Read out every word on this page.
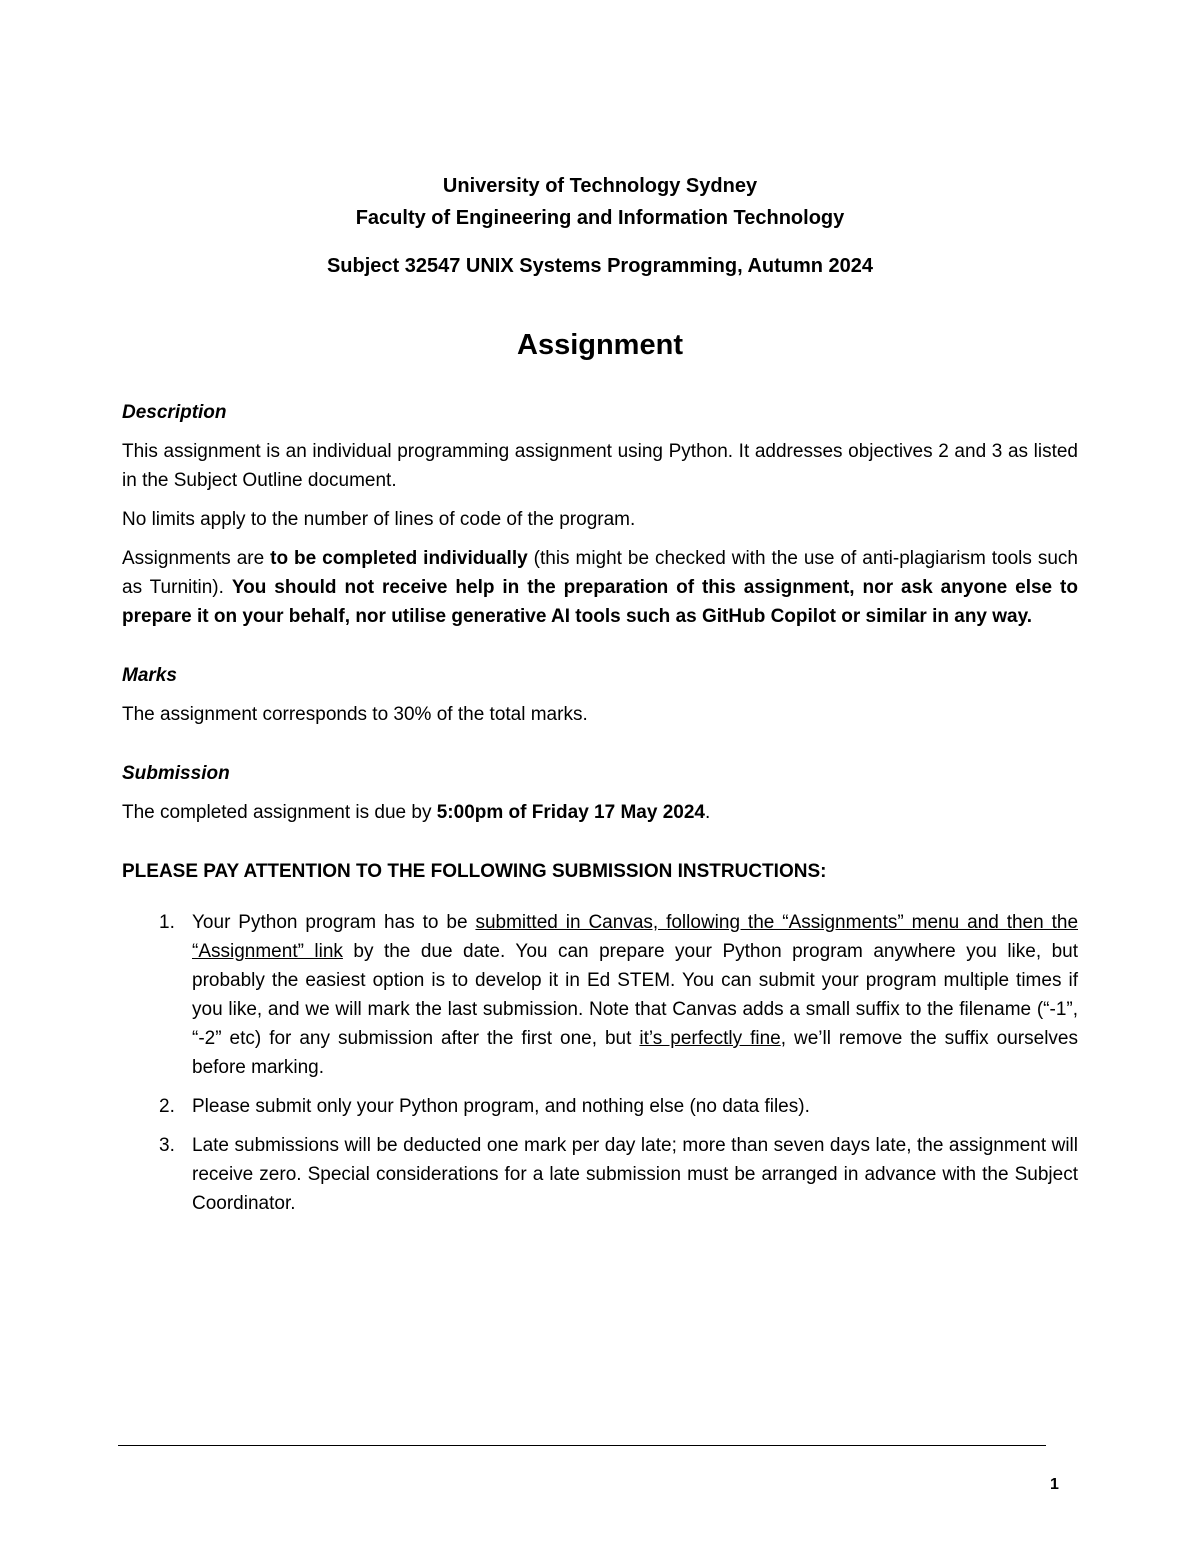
University of Technology Sydney
Faculty of Engineering and Information Technology
Subject 32547 UNIX Systems Programming, Autumn 2024
Assignment
Description

This assignment is an individual programming assignment using Python. It addresses objectives 2 and 3 as listed in the Subject Outline document.

No limits apply to the number of lines of code of the program.

Assignments are to be completed individually (this might be checked with the use of anti-plagiarism tools such as Turnitin). You should not receive help in the preparation of this assignment, nor ask anyone else to prepare it on your behalf, nor utilise generative AI tools such as GitHub Copilot or similar in any way.

Marks

The assignment corresponds to 30% of the total marks.

Submission

The completed assignment is due by 5:00pm of Friday 17 May 2024.

PLEASE PAY ATTENTION TO THE FOLLOWING SUBMISSION INSTRUCTIONS:
1. Your Python program has to be submitted in Canvas, following the “Assignments” menu and then the “Assignment” link by the due date. You can prepare your Python program anywhere you like, but probably the easiest option is to develop it in Ed STEM. You can submit your program multiple times if you like, and we will mark the last submission. Note that Canvas adds a small suffix to the filename (“-1”, “-2” etc) for any submission after the first one, but it’s perfectly fine, we’ll remove the suffix ourselves before marking.
2. Please submit only your Python program, and nothing else (no data files).
3. Late submissions will be deducted one mark per day late; more than seven days late, the assignment will receive zero. Special considerations for a late submission must be arranged in advance with the Subject Coordinator.
1
